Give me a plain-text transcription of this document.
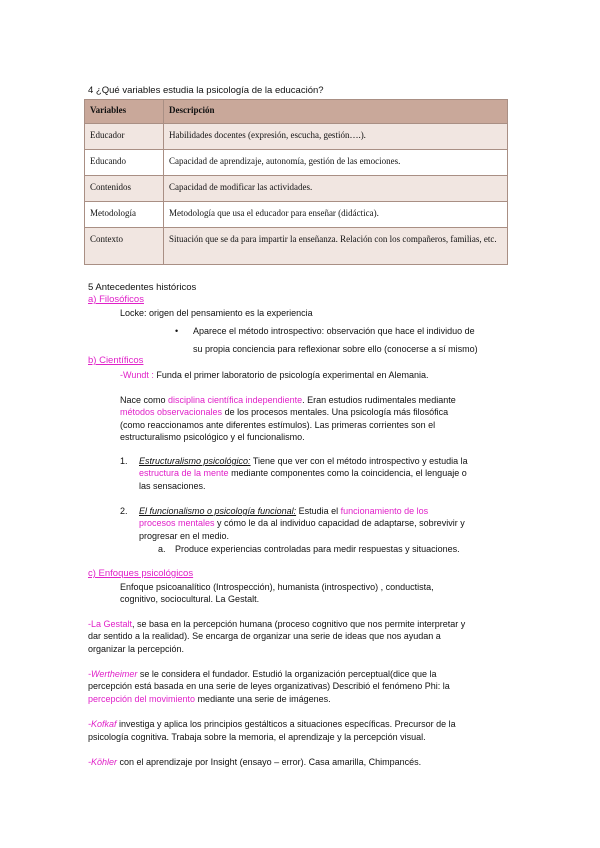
4 ¿Qué variables estudia la psicología de la educación?
Variables	Descripción
Educador	Habilidades docentes (expresión, escucha, gestión….).
Educando	Capacidad de aprendizaje, autonomía, gestión de las emociones.
Contenidos	Capacidad de modificar las actividades.
Metodología	Metodología que usa el educador para enseñar (didáctica).
Contexto	Situación que se da para impartir la enseñanza. Relación con los compañeros, familias, etc.
5 Antecedentes históricos
a) Filosóficos
Locke: origen del pensamiento es la experiencia
• Aparece el método introspectivo: observación que hace el individuo de
su propia conciencia para reflexionar sobre ello (conocerse a sí mismo)
b) Científicos
-Wundt : Funda el primer laboratorio de psicología experimental en Alemania.
Nace como disciplina científica independiente. Eran estudios rudimentales mediante
métodos observacionales de los procesos mentales. Una psicología más filosófica
(como reaccionamos ante diferentes estímulos). Las primeras corrientes son el
estructuralismo psicológico y el funcionalismo.
1. Estructuralismo psicológico: Tiene que ver con el método introspectivo y estudia la
estructura de la mente mediante componentes como la coincidencia, el lenguaje o
las sensaciones.
2. El funcionalismo o psicología funcional: Estudia el funcionamiento de los
procesos mentales y cómo le da al individuo capacidad de adaptarse, sobrevivir y
progresar en el medio.
a. Produce experiencias controladas para medir respuestas y situaciones.
c) Enfoques psicológicos
Enfoque psicoanalítico (Introspección), humanista (introspectivo) , conductista,
cognitivo, sociocultural. La Gestalt.
-La Gestalt, se basa en la percepción humana (proceso cognitivo que nos permite interpretar y
dar sentido a la realidad). Se encarga de organizar una serie de ideas que nos ayudan a
organizar la percepción.
-Wertheimer se le considera el fundador. Estudió la organización perceptual(dice que la
percepción está basada en una serie de leyes organizativas) Describió el fenómeno Phi: la
percepción del movimiento mediante una serie de imágenes.
-Kofkaf investiga y aplica los principios gestálticos a situaciones específicas. Precursor de la
psicología cognitiva. Trabaja sobre la memoria, el aprendizaje y la percepción visual.
-Köhler con el aprendizaje por Insight (ensayo – error). Casa amarilla, Chimpancés.
